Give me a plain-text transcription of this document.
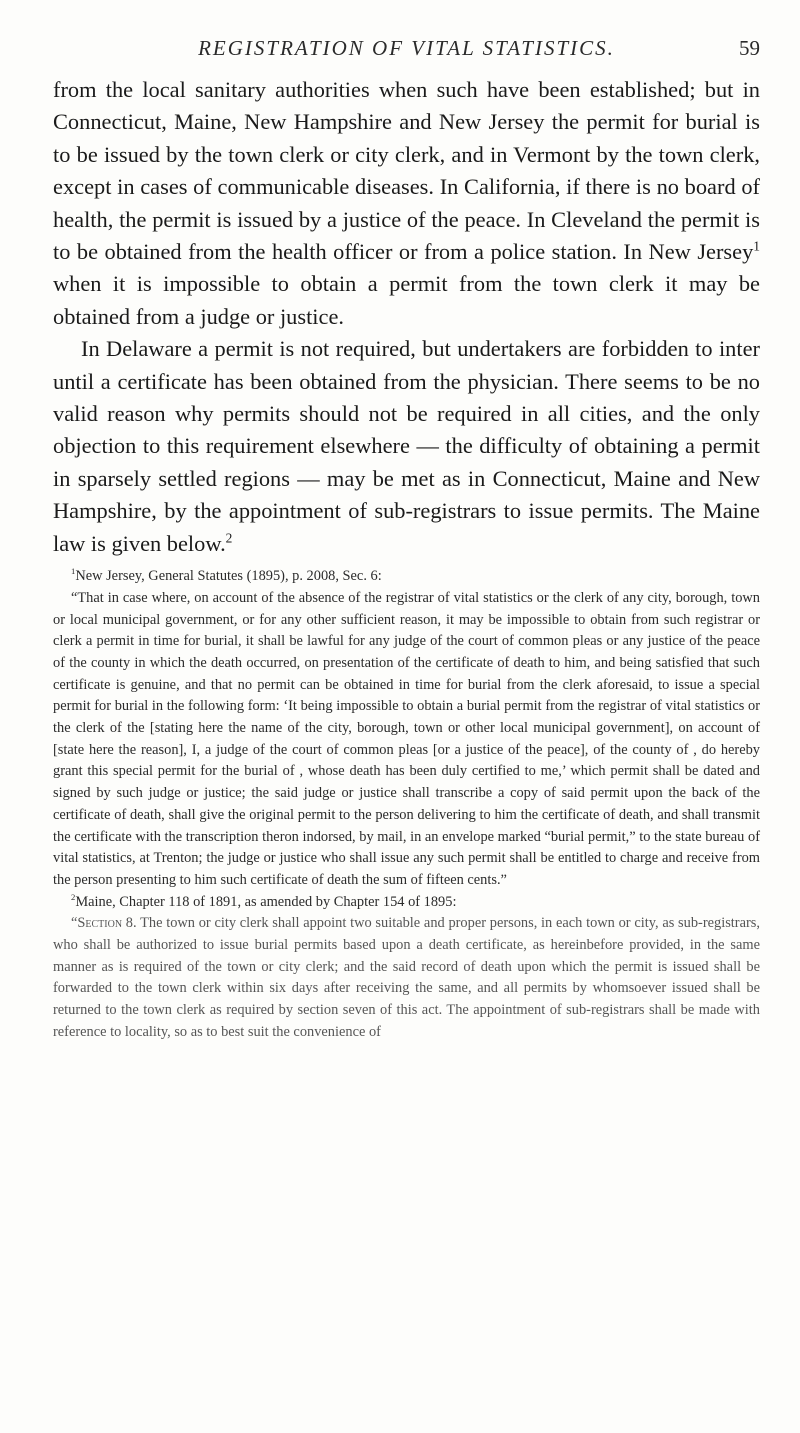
REGISTRATION OF VITAL STATISTICS.	59

from the local sanitary authorities when such have been established; but in Connecticut, Maine, New Hampshire and New Jersey the permit for burial is to be issued by the town clerk or city clerk, and in Vermont by the town clerk, except in cases of communicable diseases. In California, if there is no board of health, the permit is issued by a justice of the peace. In Cleveland the permit is to be obtained from the health officer or from a police station. In New Jersey$^1$ when it is impossible to obtain a permit from the town clerk it may be obtained from a judge or justice.

In Delaware a permit is not required, but undertakers are forbidden to inter until a certificate has been obtained from the physician. There seems to be no valid reason why permits should not be required in all cities, and the only objection to this requirement elsewhere — the difficulty of obtaining a permit in sparsely settled regions — may be met as in Connecticut, Maine and New Hampshire, by the appointment of sub-registrars to issue permits. The Maine law is given below.$^2$

$^1$New Jersey, General Statutes (1895), p. 2008, Sec. 6:

“That in case where, on account of the absence of the registrar of vital statistics or the clerk of any city, borough, town or local municipal government, or for any other sufficient reason, it may be impossible to obtain from such registrar or clerk a permit in time for burial, it shall be lawful for any judge of the court of common pleas or any justice of the peace of the county in which the death occurred, on presentation of the certificate of death to him, and being satisfied that such certificate is genuine, and that no permit can be obtained in time for burial from the clerk aforesaid, to issue a special permit for burial in the following form: ‘It being impossible to obtain a burial permit from the registrar of vital statistics or the clerk of the [stating here the name of the city, borough, town or other local municipal government], on account of [state here the reason], I, a judge of the court of common pleas [or a justice of the peace], of the county of , do hereby grant this special permit for the burial of , whose death has been duly certified to me,’ which permit shall be dated and signed by such judge or justice; the said judge or justice shall transcribe a copy of said permit upon the back of the certificate of death, shall give the original permit to the person delivering to him the certificate of death, and shall transmit the certificate with the transcription theron indorsed, by mail, in an envelope marked “burial permit,” to the state bureau of vital statistics, at Trenton; the judge or justice who shall issue any such permit shall be entitled to charge and receive from the person presenting to him such certificate of death the sum of fifteen cents.”

$^2$Maine, Chapter 118 of 1891, as amended by Chapter 154 of 1895:

“Section 8. The town or city clerk shall appoint two suitable and proper persons, in each town or city, as sub-registrars, who shall be authorized to issue burial permits based upon a death certificate, as hereinbefore provided, in the same manner as is required of the town or city clerk; and the said record of death upon which the permit is issued shall be forwarded to the town clerk within six days after receiving the same, and all permits by whomsoever issued shall be returned to the town clerk as required by section seven of this act. The appointment of sub-registrars shall be made with reference to locality, so as to best suit the convenience of
